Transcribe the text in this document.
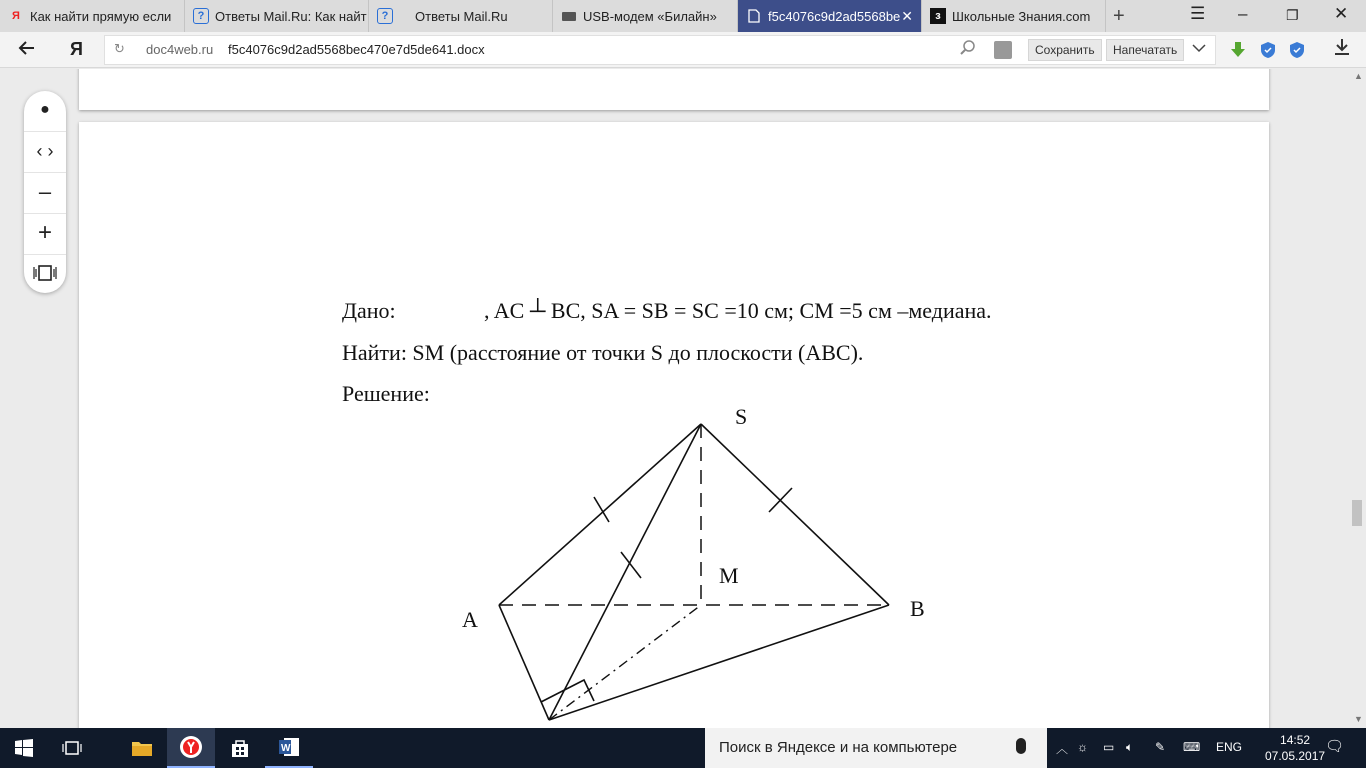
Я Как найти прямую если	? Ответы Mail.Ru: Как найт	?	Ответы Mail.Ru	USB-модем «Билайн»	f5c4076c9d2ad5568be ✕	з Школьные Знания.com +	☰ –	❐ ✕
Я ↻ doc4web.ru f5c4076c9d2ad5568bec470e7d5de641.docx	Сохранить	Напечатать
Дано:	, AC ┴ BC, SA = SB = SC =10 см; CM =5 см –медиана.
Найти: SM (расстояние от точки S до плоскости (ABC).
Решение:
S
A	B
M
●
‹ ›
–
+
▲
▼
W	Поиск в Яндексе и на компьютере	︿ ☼ ▭ 🔈︎ ✎ ⌨ ENG	14:52
07.05.2017
🗨︎
